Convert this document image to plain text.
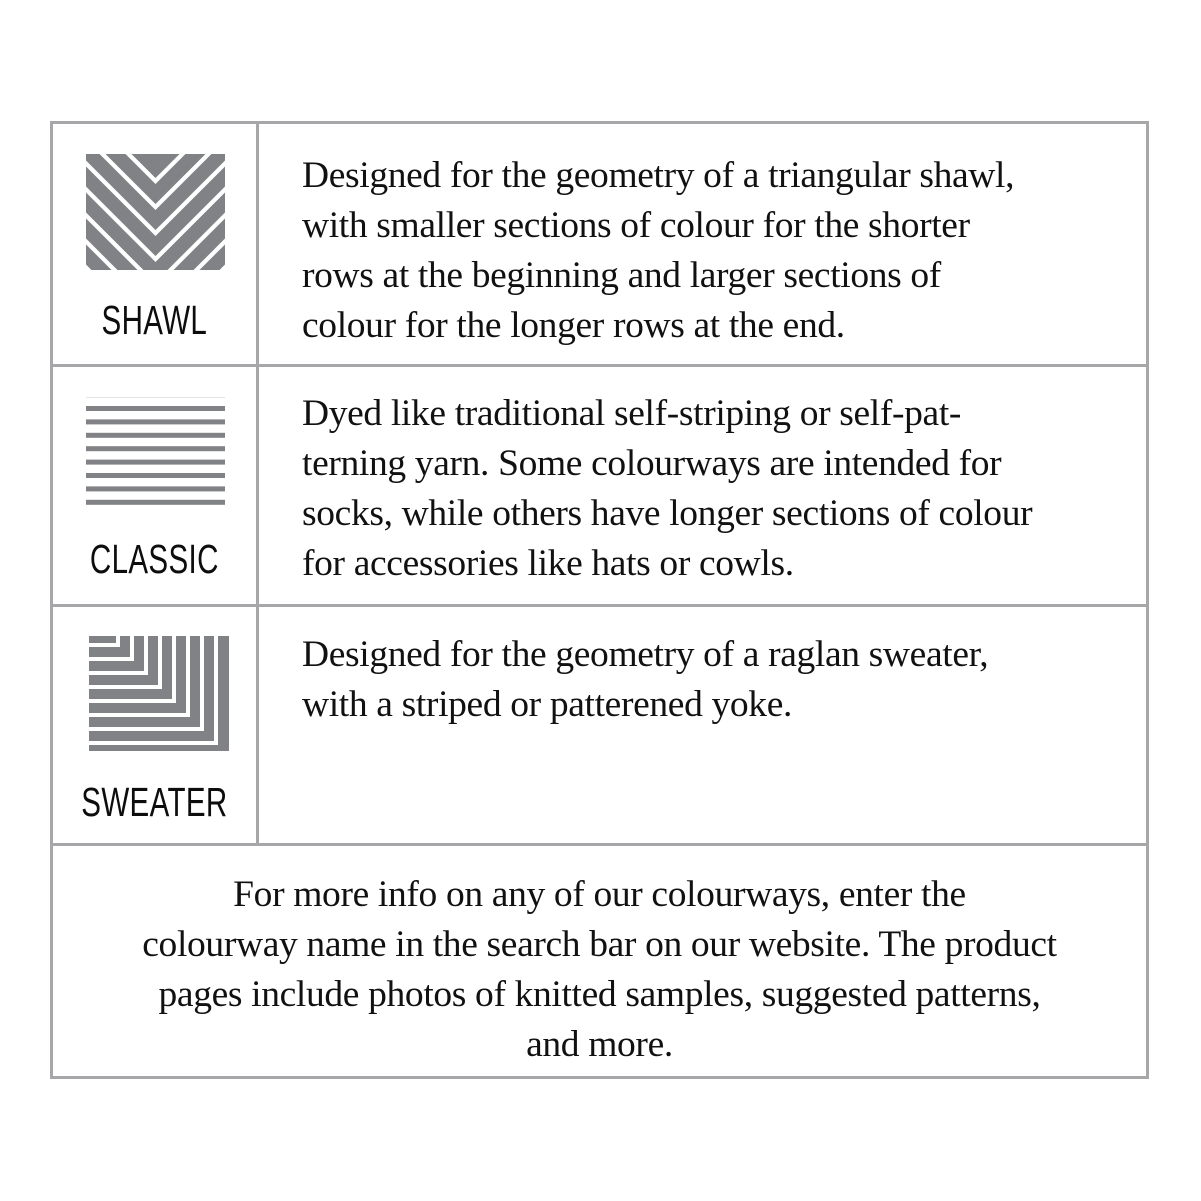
SHAWL

Designed for the geometry of a triangular shawl,
with smaller sections of colour for the shorter
rows at the beginning and larger sections of
colour for the longer rows at the end.

CLASSIC

Dyed like traditional self-striping or self-pat-
terning yarn. Some colourways are intended for
socks, while others have longer sections of colour
for accessories like hats or cowls.

SWEATER

Designed for the geometry of a raglan sweater,
with a striped or patterened yoke.

For more info on any of our colourways, enter the
colourway name in the search bar on our website. The product
pages include photos of knitted samples, suggested patterns,
and more.
